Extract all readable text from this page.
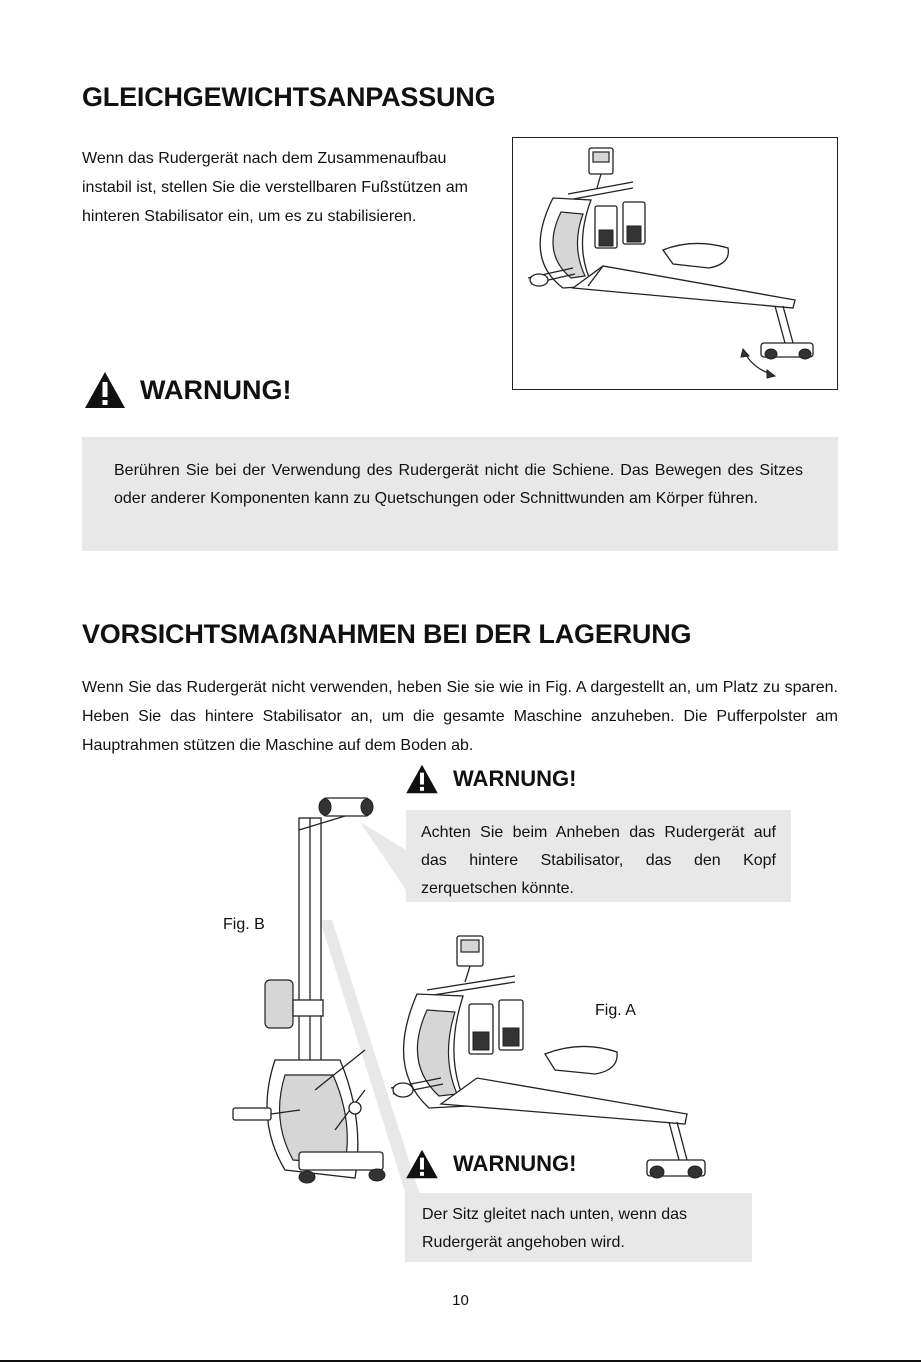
GLEICHGEWICHTSANPASSUNG
Wenn das Rudergerät nach dem Zusammenaufbau instabil ist, stellen Sie die verstellbaren Fußstützen am hinteren Stabilisator ein, um es zu stabilisieren.
WARNUNG!
Berühren Sie bei der Verwendung des Rudergerät nicht die Schiene. Das Bewegen des Sitzes oder anderer Komponenten kann zu Quetschungen oder Schnittwunden am Körper führen.
VORSICHTSMAẞNAHMEN BEI DER LAGERUNG
Wenn Sie das Rudergerät nicht verwenden, heben Sie sie wie in Fig. A dargestellt an, um Platz zu sparen. Heben Sie das hintere Stabilisator an, um die gesamte Maschine anzuheben. Die Pufferpolster am Hauptrahmen stützen die Maschine auf dem Boden ab.
WARNUNG!
Achten Sie beim Anheben das Rudergerät auf das hintere Stabilisator, das den Kopf zerquetschen könnte.
Fig. B
Fig. A
WARNUNG!
Der Sitz gleitet nach unten, wenn das Rudergerät angehoben wird.
10
